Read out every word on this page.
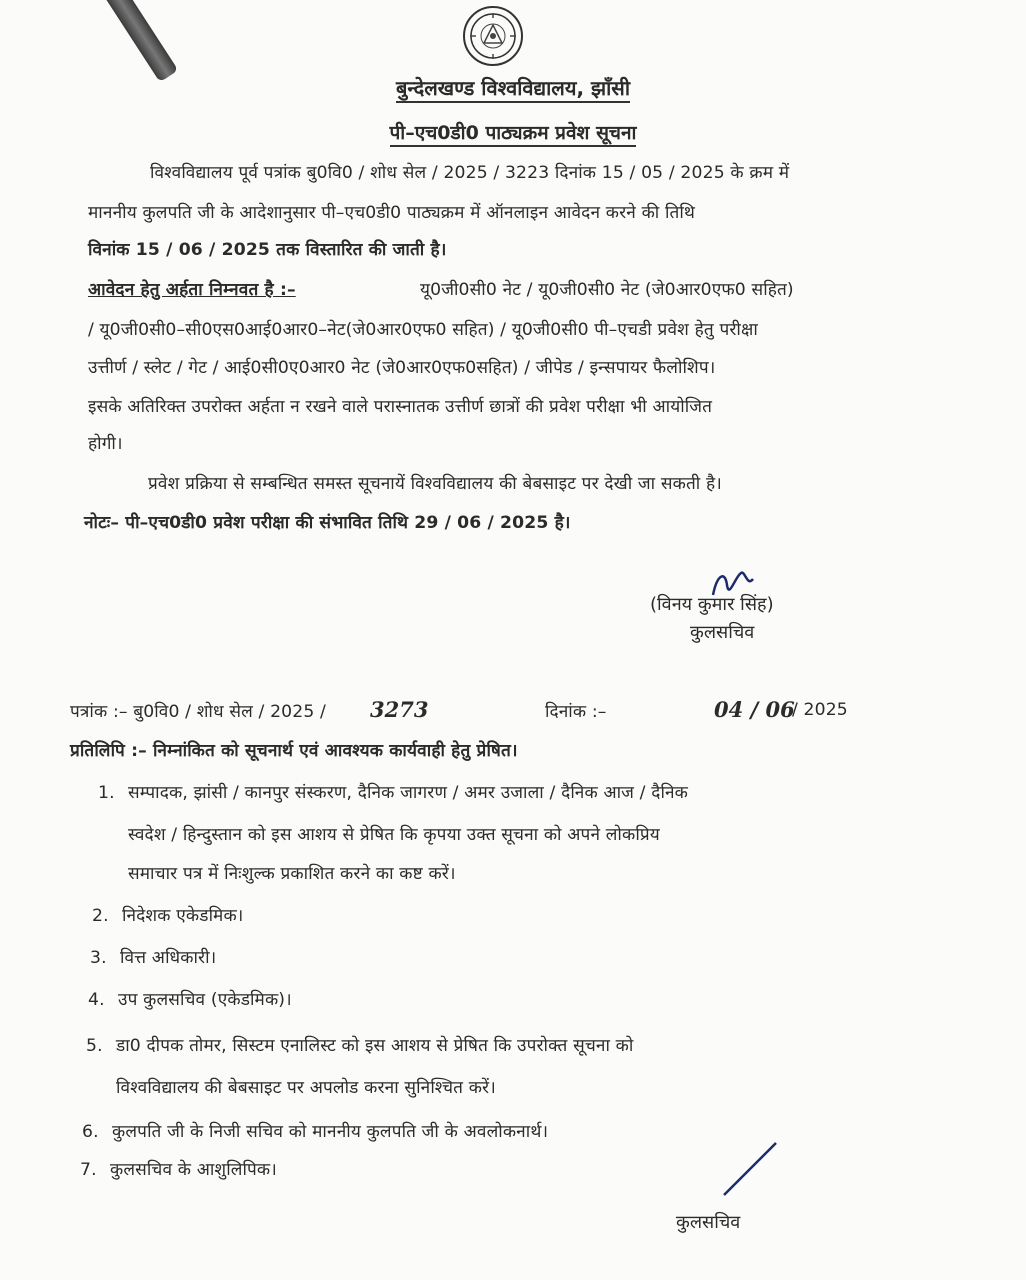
बुन्देलखण्ड विश्वविद्यालय, झाँसी
पी–एच0डी0 पाठ्यक्रम प्रवेश सूचना
विश्वविद्यालय पूर्व पत्रांक बु0वि0 / शोध सेल / 2025 / 3223 दिनांक 15 / 05 / 2025 के क्रम में
माननीय कुलपति जी के आदेशानुसार पी–एच0डी0 पाठ्यक्रम में ऑनलाइन आवेदन करने की तिथि
विनांक 15 / 06 / 2025 तक विस्तारित की जाती है।
आवेदन हेतु अर्हता निम्नवत है :–	यू0जी0सी0 नेट / यू0जी0सी0 नेट (जे0आर0एफ0 सहित)
/ यू0जी0सी0–सी0एस0आई0आर0–नेट(जे0आर0एफ0 सहित) / यू0जी0सी0 पी–एचडी प्रवेश हेतु परीक्षा
उत्तीर्ण / स्लेट / गेट / आई0सी0ए0आर0 नेट (जे0आर0एफ0सहित) / जीपेड / इन्सपायर फैलोशिप।
इसके अतिरिक्त उपरोक्त अर्हता न रखने वाले परास्नातक उत्तीर्ण छात्रों की प्रवेश परीक्षा भी आयोजित
होगी।
प्रवेश प्रक्रिया से सम्बन्धित समस्त सूचनायें विश्वविद्यालय की बेबसाइट पर देखी जा सकती है।
नोटः– पी–एच0डी0 प्रवेश परीक्षा की संभावित तिथि 29 / 06 / 2025 है।
(विनय कुमार सिंह)
कुलसचिव
पत्रांक :– बु0वि0 / शोध सेल / 2025 / 3273	दिनांक :–	04 / 06
/ 2025
प्रतिलिपि :– निम्नांकित को सूचनार्थ एवं आवश्यक कार्यवाही हेतु प्रेषित।
1. सम्पादक, झांसी / कानपुर संस्करण, दैनिक जागरण / अमर उजाला / दैनिक आज / दैनिक
स्वदेश / हिन्दुस्तान को इस आशय से प्रेषित कि कृपया उक्त सूचना को अपने लोकप्रिय
समाचार पत्र में निःशुल्क प्रकाशित करने का कष्ट करें।
2. निदेशक एकेडमिक।
3. वित्त अधिकारी।
4. उप कुलसचिव (एकेडमिक)।
5. डा0 दीपक तोमर, सिस्टम एनालिस्ट को इस आशय से प्रेषित कि उपरोक्त सूचना को
विश्वविद्यालय की बेबसाइट पर अपलोड करना सुनिश्चित करें।
6. कुलपति जी के निजी सचिव को माननीय कुलपति जी के अवलोकनार्थ।
7. कुलसचिव के आशुलिपिक।
कुलसचिव
